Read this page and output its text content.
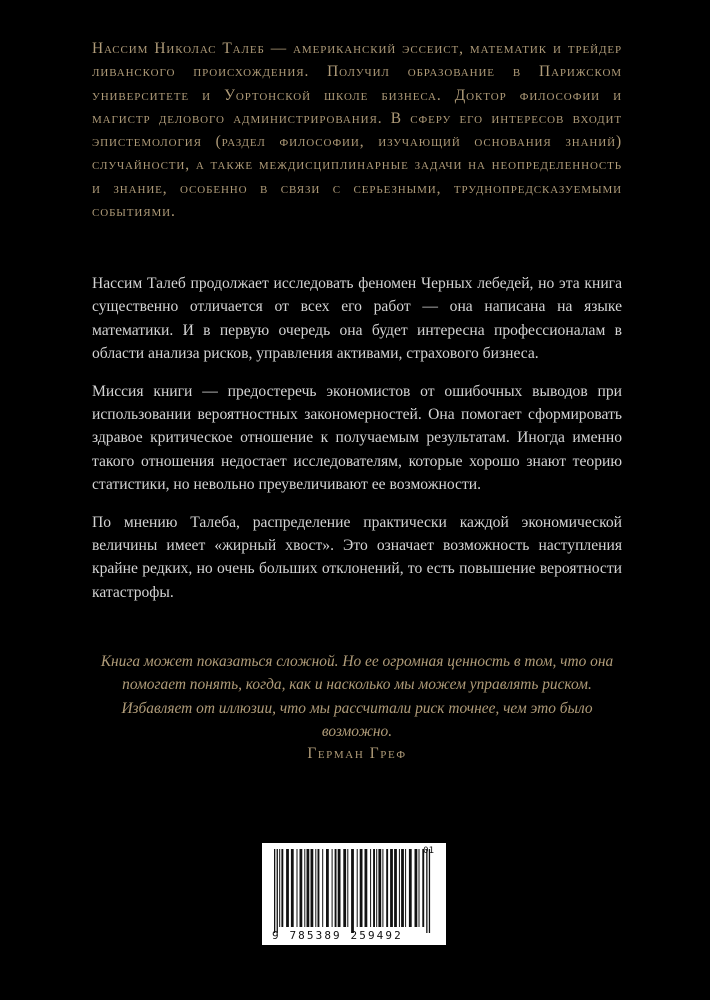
Нассим Николас Талеб — американский эссеист, математик и трейдер ливанского происхождения. Получил образование в Парижском университете и Уортонской школе бизнеса. Доктор философии и магистр делового администрирования. В сферу его интересов входит эпистемология (раздел философии, изучающий основания знаний) случайности, а также междисциплинарные задачи на неопределенность и знание, особенно в связи с серьезными, труднопредсказуемыми событиями.

Нассим Талеб продолжает исследовать феномен Черных лебедей, но эта книга существенно отличается от всех его работ — она написана на языке математики. И в первую очередь она будет интересна профессионалам в области анализа рисков, управления активами, страхового бизнеса.

Миссия книги — предостеречь экономистов от ошибочных выводов при использовании вероятностных закономерностей. Она помогает сформировать здравое критическое отношение к получаемым результатам. Иногда именно такого отношения недостает исследователям, которые хорошо знают теорию статистики, но невольно преувеличивают ее возможности.

По мнению Талеба, распределение практически каждой экономической величины имеет «жирный хвост». Это означает возможность наступления крайне редких, но очень больших отклонений, то есть повышение вероятности катастрофы.

Книга может показаться сложной. Но ее огромная ценность в том, что она помогает понять, когда, как и насколько мы можем управлять риском. Избавляет от иллюзии, что мы рассчитали риск точнее, чем это было возможно.

Герман Греф
01
9 785389 259492
